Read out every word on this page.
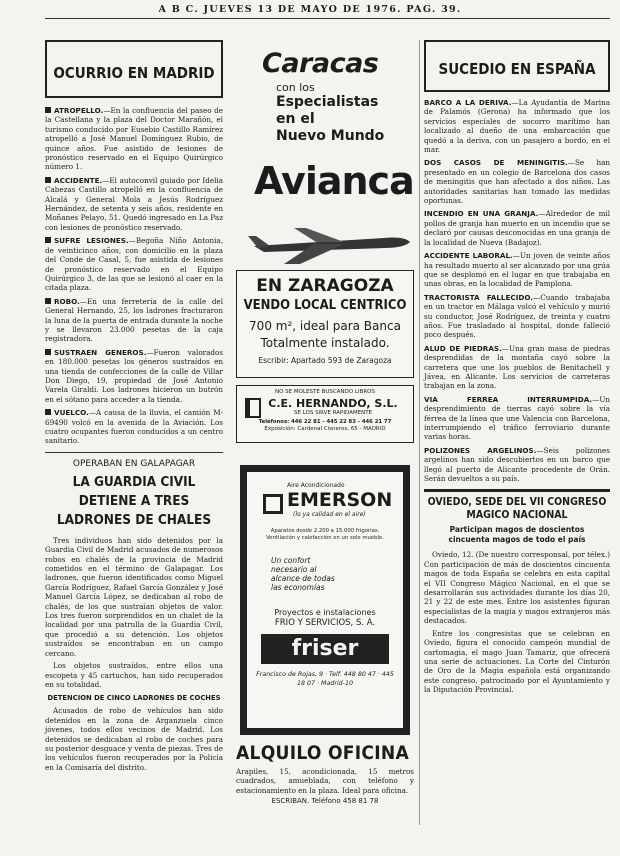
A B C. JUEVES 13 DE MAYO DE 1976. PAG. 39.
OCURRIO EN MADRID

ATROPELLO.—En la confluencia del paseo de la Castellana y la plaza del Doctor Marañón, el turismo conducido por Eusebio Castillo Ramírez atropelló a José Manuel Domínguez Rubio, de quince años. Fue asistido de lesiones de pronóstico reservado en el Equipo Quirúrgico número 1.

ACCIDENTE.—El autoconvil guiado por Idelia Cabezas Castillo atropelló en la confluencia de Alcalá y General Mola a Jesús Rodríguez Hernández, de setenta y seis años, residente en Moñanes Pelayo, 51. Quedó ingresado en La Paz con lesiones de pronóstico reservado.

SUFRE LESIONES.—Begoña Niño Antonia, de veinticinco años, con domicilio en la plaza del Conde de Casal, 5, fue asistida de lesiones de pronóstico reservado en el Equipo Quirúrgico 3, de las que se lesionó al caer en la citada plaza.

ROBO.—En una ferretería de la calle del General Hernando, 25, los ladrones fracturaron la luna de la puerta de entrada durante la noche y se llevaron 23.000 pesetas de la caja registradora.

SUSTRAEN GENEROS.—Fueron valorados en 180.000 pesetas los géneros sustraídos en una tienda de confecciones de la calle de Villar Don Diego, 19, propiedad de José Antonio Varela Giraldi. Los ladrones hicieron un butrón en el sótano para acceder a la tienda.

VUELCO.—A causa de la lluvia, el camión M-69490 volcó en la avenida de la Aviación. Los cuatro ocupantes fueron conducidos a un centro sanitario.

OPERABAN EN GALAPAGAR
LA GUARDIA CIVIL DETIENE A TRES LADRONES DE CHALES

Tres individuos han sido detenidos por la Guardia Civil de Madrid acusados de numerosos robos en chalés de la provincia de Madrid cometidos en el término de Galapagar. Los ladrones, que fueron identificados como Miguel García Rodríguez, Rafael García González y José Manuel García López, se dedicaban al robo de chalés, de los que sustraían objetos de valor. Los tres fueron sorprendidos en un chalet de la localidad por una patrulla de la Guardia Civil, que procedió a su detención. Los objetos sustraídos se encontraban en un campo cercano.

Los objetos sustraídos, entre ellos una escopeta y 45 cartuchos, han sido recuperados en su totalidad.

DETENCION DE CINCO LADRONES DE COCHES

Acusados de robo de vehículos han sido detenidos en la zona de Arganzuela cinco jóvenes, todos ellos vecinos de Madrid. Los detenidos se dedicaban al robo de coches para su posterior desguace y venta de piezas. Tres de los vehículos fueron recuperados por la Policía en la Comisaría del distrito.

Caracas
con los
Especialistas
en el
Nuevo Mundo
Avianca
EN ZARAGOZA
VENDO LOCAL CENTRICO
700 m², ideal para Banca
Totalmente instalado.
Escribir: Apartado 593 de Zaragoza
NO SE MOLESTE BUSCANDO LIBROS
C.E. HERNANDO, S.L.
SE LOS SIRVE RAPIDAMENTE
Teléfonos: 446 22 81 - 445 22 83 - 446 21 77
Exposición: Cardenal Cisneros, 65 - MADRID
Aire Acondicionado
EMERSON
(lo ya calidad en el aire)
Aparatos desde 2.200 a 15.000 frigorías. Ventilación y calefacción en un solo mueble.
Un confort necesario al alcance de todas las economías
Proyectos e instalaciones
FRIO Y SERVICIOS, S. A.
friser
Francisco de Rojas, 9 · Telf. 448 80 47 · 445 18 07 · Madrid-10
ALQUILO OFICINA
Arapiles, 15, acondicionada, 15 metros cuadrados, amueblada, con teléfono y estacionamiento en la plaza. Ideal para oficina.
ESCRIBAN. Teléfono 458 81 78
SUCEDIO EN ESPAÑA

BARCO A LA DERIVA.—La Ayudantía de Marina de Palamós (Gerona) ha informado que los servicios especiales de socorro marítimo han localizado al dueño de una embarcación que quedó a la deriva, con un pasajero a bordo, en el mar.

DOS CASOS DE MENINGITIS.—Se han presentado en un colegio de Barcelona dos casos de meningitis que han afectado a dos niños. Las autoridades sanitarias han tomado las medidas oportunas.

INCENDIO EN UNA GRANJA.—Alrededor de mil pollos de granja han muerto en un incendio que se declaró por causas desconocidas en una granja de la localidad de Nueva (Badajoz).

ACCIDENTE LABORAL.—Un joven de veinte años ha resultado muerto al ser alcanzado por una grúa que se desplomó en el lugar en que trabajaba en unas obras, en la localidad de Pamplona.

TRACTORISTA FALLECIDO.—Cuando trabajaba en un tractor en Málaga volcó el vehículo y murió su conductor, José Rodríguez, de treinta y cuatro años. Fue trasladado al hospital, donde falleció poco después.

ALUD DE PIEDRAS.—Una gran masa de piedras desprendidas de la montaña cayó sobre la carretera que une los pueblos de Benitachell y Jávea, en Alicante. Los servicios de carreteras trabajan en la zona.

VIA FERREA INTERRUMPIDA.—Un desprendimiento de tierras cayó sobre la vía férrea de la línea que une Valencia con Barcelona, interrumpiendo el tráfico ferroviario durante varias horas.

POLIZONES ARGELINOS.—Seis polizones argelinos han sido descubiertos en un barco que llegó al puerto de Alicante procedente de Orán. Serán devueltos a su país.

OVIEDO, SEDE DEL VII CONGRESO MAGICO NACIONAL
Participan magos de doscientos cincuenta magos de todo el país

Oviedo, 12. (De nuestro corresponsal, por télex.) Con participación de más de doscientos cincuenta magos de toda España se celebra en esta capital el VII Congreso Mágico Nacional, en el que se desarrollarán sus actividades durante los días 20, 21 y 22 de este mes. Entre los asistentes figuran especialistas de la magia y magos extranjeros más destacados.

Entre los congresistas que se celebran en Oviedo, figura el conocido campeón mundial de cartomagia, el mago Juan Tamariz, que ofrecerá una serie de actuaciones. La Corte del Cinturón de Oro de la Magia española está organizando este congreso, patrocinado por el Ayuntamiento y la Diputación Provincial.
